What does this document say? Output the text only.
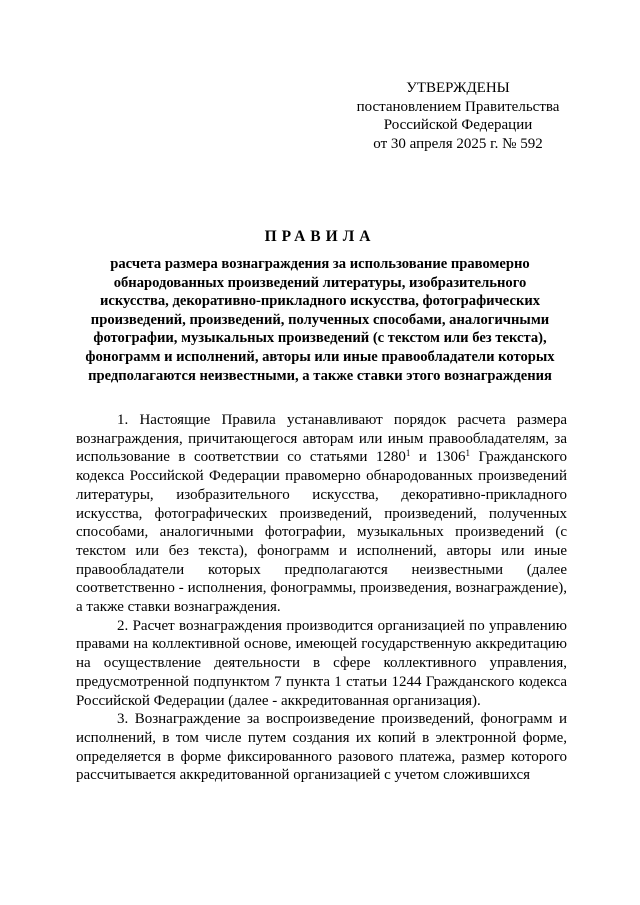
УТВЕРЖДЕНЫ
постановлением Правительства
Российской Федерации
от 30 апреля 2025 г. № 592

ПРАВИЛА

расчета размера вознаграждения за использование правомерно
обнародованных произведений литературы, изобразительного
искусства, декоративно-прикладного искусства, фотографических
произведений, произведений, полученных способами, аналогичными
фотографии, музыкальных произведений (с текстом или без текста),
фонограмм и исполнений, авторы или иные правообладатели которых
предполагаются неизвестными, а также ставки этого вознаграждения

1. Настоящие Правила устанавливают порядок расчета размера вознаграждения, причитающегося авторам или иным правообладателям, за использование в соответствии со статьями 1280$^1$ и 1306$^1$ Гражданского кодекса Российской Федерации правомерно обнародованных произведений литературы, изобразительного искусства, декоративно-прикладного искусства, фотографических произведений, произведений, полученных способами, аналогичными фотографии, музыкальных произведений (с текстом или без текста), фонограмм и исполнений, авторы или иные правообладатели которых предполагаются неизвестными (далее соответственно - исполнения, фонограммы, произведения, вознаграждение), а также ставки вознаграждения.

2. Расчет вознаграждения производится организацией по управлению правами на коллективной основе, имеющей государственную аккредитацию на осуществление деятельности в сфере коллективного управления, предусмотренной подпунктом 7 пункта 1 статьи 1244 Гражданского кодекса Российской Федерации (далее - аккредитованная организация).

3. Вознаграждение за воспроизведение произведений, фонограмм и исполнений, в том числе путем создания их копий в электронной форме, определяется в форме фиксированного разового платежа, размер которого рассчитывается аккредитованной организацией с учетом сложившихся
